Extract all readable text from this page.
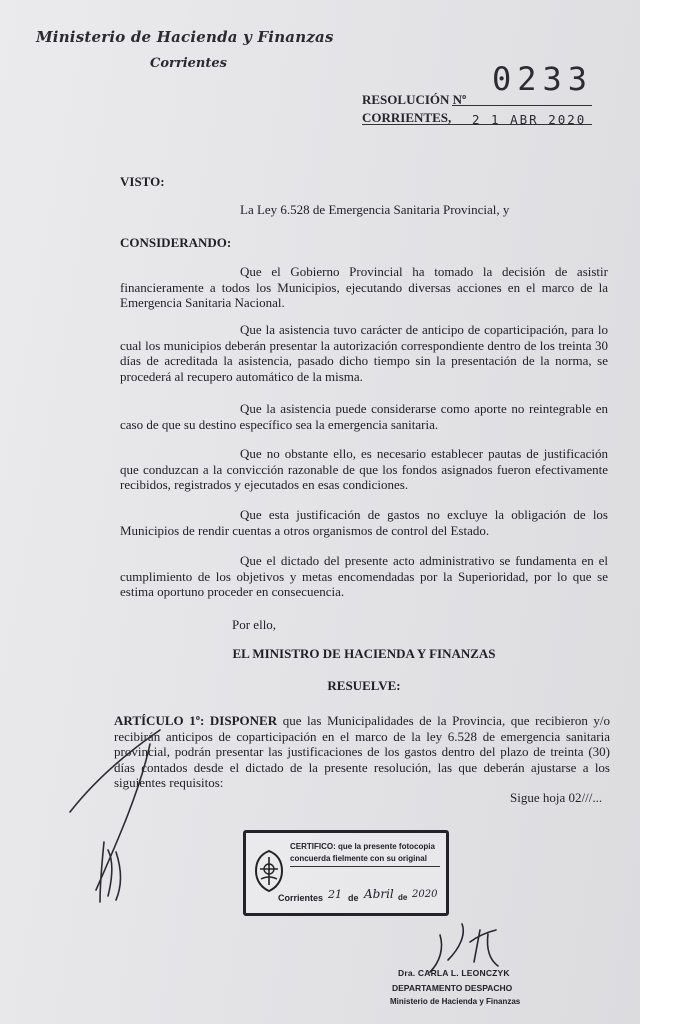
Ministerio de Hacienda y Finanzas
Corrientes	0233
RESOLUCIÓN Nº
CORRIENTES, 2 1 ABR 2020
VISTO:
La Ley 6.528 de Emergencia Sanitaria Provincial, y
CONSIDERANDO:
Que el Gobierno Provincial ha tomado la decisión de asistir financieramente a todos los Municipios, ejecutando diversas acciones en el marco de la Emergencia Sanitaria Nacional.
Que la asistencia tuvo carácter de anticipo de coparticipación, para lo cual los municipios deberán presentar la autorización correspondiente dentro de los treinta 30 días de acreditada la asistencia, pasado dicho tiempo sin la presentación de la norma, se procederá al recupero automático de la misma.
Que la asistencia puede considerarse como aporte no reintegrable en caso de que su destino específico sea la emergencia sanitaria.
Que no obstante ello, es necesario establecer pautas de justificación que conduzcan a la convicción razonable de que los fondos asignados fueron efectivamente recibidos, registrados y ejecutados en esas condiciones.
Que esta justificación de gastos no excluye la obligación de los Municipios de rendir cuentas a otros organismos de control del Estado.
Que el dictado del presente acto administrativo se fundamenta en el cumplimiento de los objetivos y metas encomendadas por la Superioridad, por lo que se estima oportuno proceder en consecuencia.
Por ello,
EL MINISTRO DE HACIENDA Y FINANZAS
RESUELVE:
ARTÍCULO 1º: DISPONER que las Municipalidades de la Provincia, que recibieron y/o recibirán anticipos de coparticipación en el marco de la ley 6.528 de emergencia sanitaria provincial, podrán presentar las justificaciones de los gastos dentro del plazo de treinta (30) días contados desde el dictado de la presente resolución, las que deberán ajustarse a los siguientes requisitos:
Sigue hoja 02///...
CERTIFICO: que la presente fotocopia
concuerda fielmente con su original
Corrientes 21 de Abril de 2020
Dra. CARLA L. LEONCZYK
DEPARTAMENTO DESPACHO
Ministerio de Hacienda y Finanzas
